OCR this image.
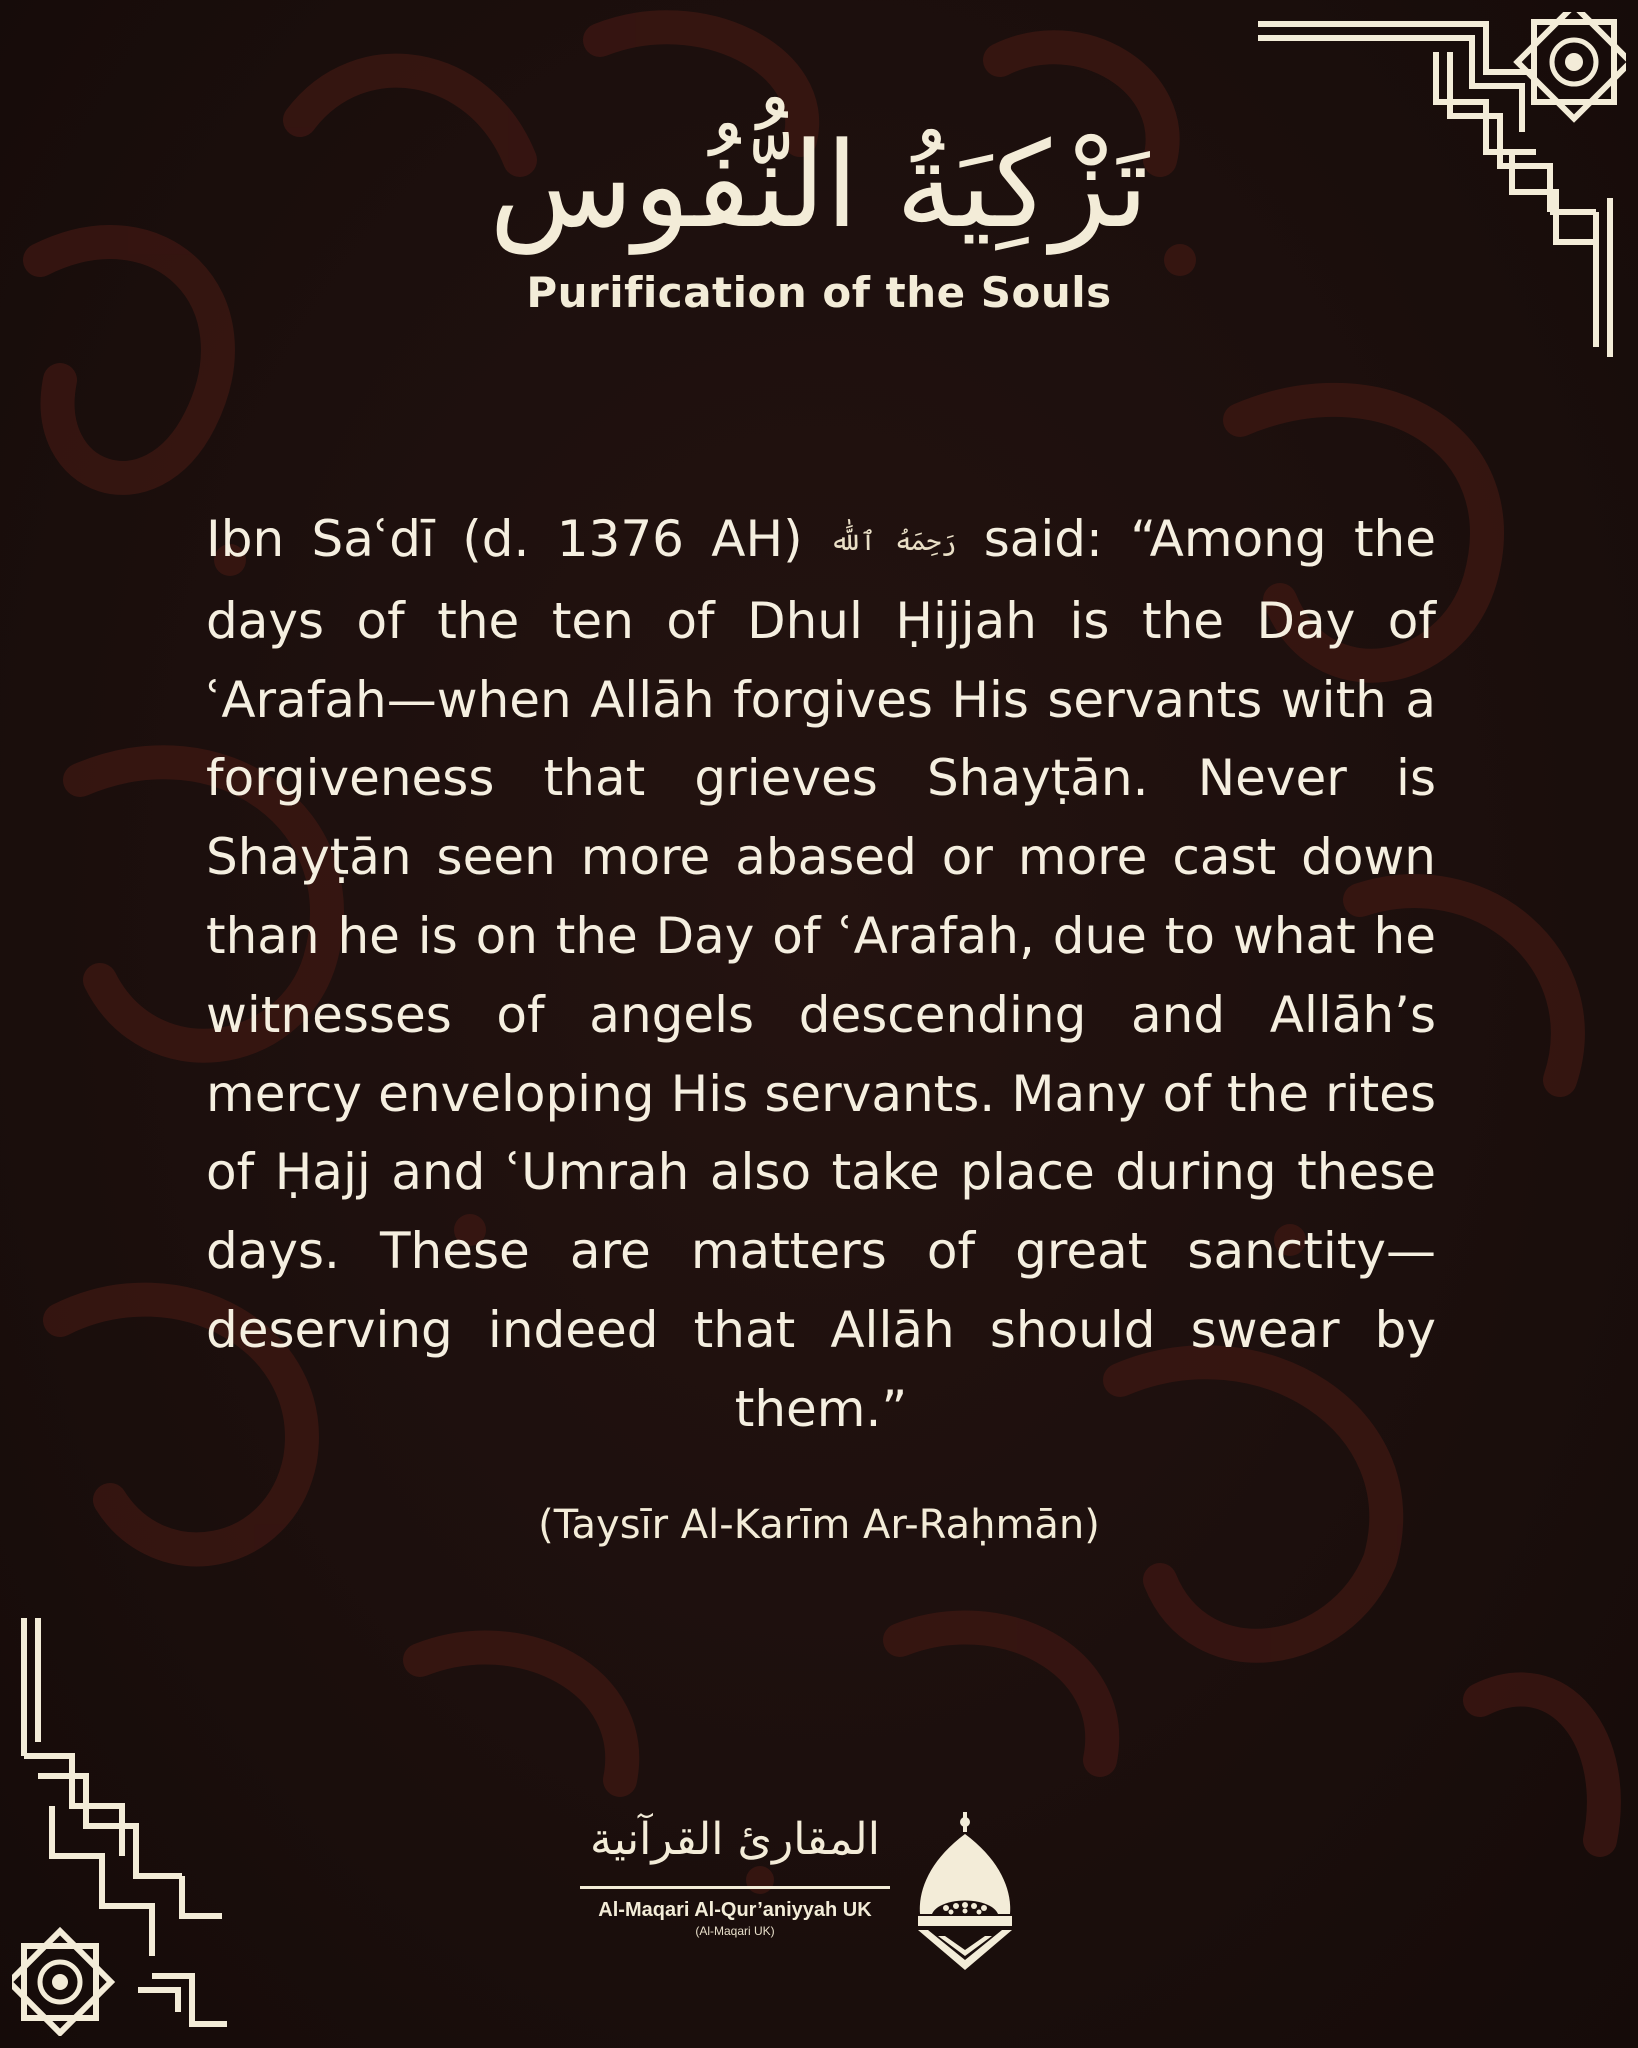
تَزْكِيَةُ النُّفُوس
Purification of the Souls
Ibn Saʿdī (d. 1376 AH) رَحِمَهُ ٱللَّٰه said: “Among the days of the ten of Dhul Ḥijjah is the Day of ʿArafah—when Allāh forgives His servants with a forgiveness that grieves Shayṭān. Never is Shayṭān seen more abased or more cast down than he is on the Day of ʿArafah, due to what he witnesses of angels descending and Allāh’s mercy enveloping His servants. Many of the rites of Ḥajj and ʿUmrah also take place during these days. These are matters of great sanctity—deserving indeed that Allāh should swear by them.”
(Taysīr Al-Karīm Ar-Raḥmān)
المقارئ القرآنية
Al-Maqari Al-Qur’aniyyah UK
(Al-Maqari UK)
